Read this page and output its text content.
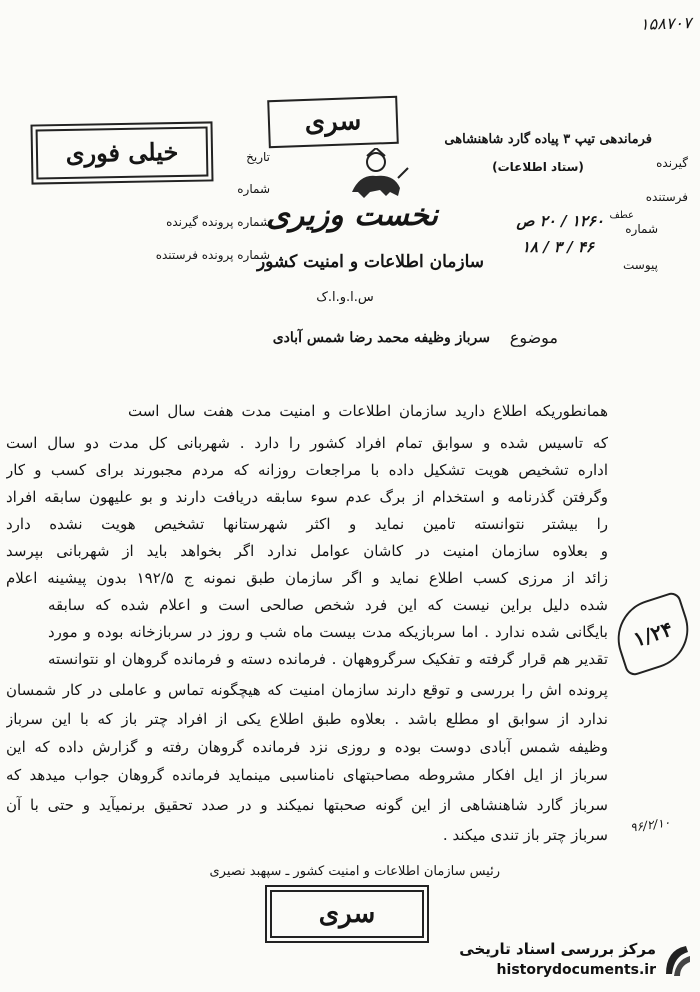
۱۵۸۷۰۷
خیلی فوری
سری
تاریخ
شماره
شماره پرونده گیرنده
شماره پرونده فرستنده
نخست وزیری
سازمان اطلاعات و امنیت کشور
س.ا.و.ا.ک
فرماندهی تیپ ۳ پیاده گارد شاهنشاهی
گیرنده
(ستاد اطلاعات)
فرستنده
شماره
عطف
۱۲۶۰ / ۲۰ ص
۱۸ / ۳ / ۴۶
پیوست
موضوع
سرباز وظیفه محمد رضا شمس آبادی
همانطوریکه اطلاع دارید سازمان اطلاعات و امنیت مدت هفت سال است
که تاسیس شده و سوابق تمام افراد کشور را دارد . شهربانی کل مدت دو سال است
اداره تشخیص هویت تشکیل داده با مراجعات روزانه که مردم مجبورند برای کسب و کار
وگرفتن گذرنامه و استخدام از برگ عدم سوء سابقه دریافت دارند و بو علیهون سابقه افراد
را بیشتر نتوانسته تامین نماید و اکثر شهرستانها تشخیص هویت نشده دارد
و بعلاوه سازمان امنیت در کاشان عوامل ندارد اگر بخواهد باید از شهربانی بپرسد
زائد از مرزی کسب اطلاع نماید و اگر سازمان طبق نمونه ج ۱۹۲/۵ بدون پیشینه اعلام
شده دلیل براین نیست که این فرد شخص صالحی است و اعلام شده که سابقه
بایگانی شده ندارد . اما سربازیکه مدت بیست ماه شب و روز در سربازخانه بوده و مورد
تقدیر هم قرار گرفته و تفکیک سرگروههان . فرمانده دسته و فرمانده گروهان او نتوانسته
پرونده اش را بررسی و توقع دارند سازمان امنیت که هیچگونه تماس و عاملی در کار شمسان
ندارد از سوابق او مطلع باشد . بعلاوه طبق اطلاع یکی از افراد چتر باز که با این سرباز
وظیفه شمس آبادی دوست بوده و روزی نزد فرمانده گروهان رفته و گزارش داده که این
سرباز از ایل افکار مشروطه مصاحبتهای نامناسبی مینماید فرمانده گروهان جواب میدهد که
سرباز گارد شاهنشاهی از این گونه صحبتها نمیکند و در صدد تحقیق برنمیآید و حتی با آن
سرباز چتر باز تندی میکند .
رئیس سازمان اطلاعات و امنیت کشور ـ سپهبد نصیری
۱/۲۴
۹۶/۲/۱۰
سری
مرکز بررسی اسناد تاریخی
historydocuments.ir
